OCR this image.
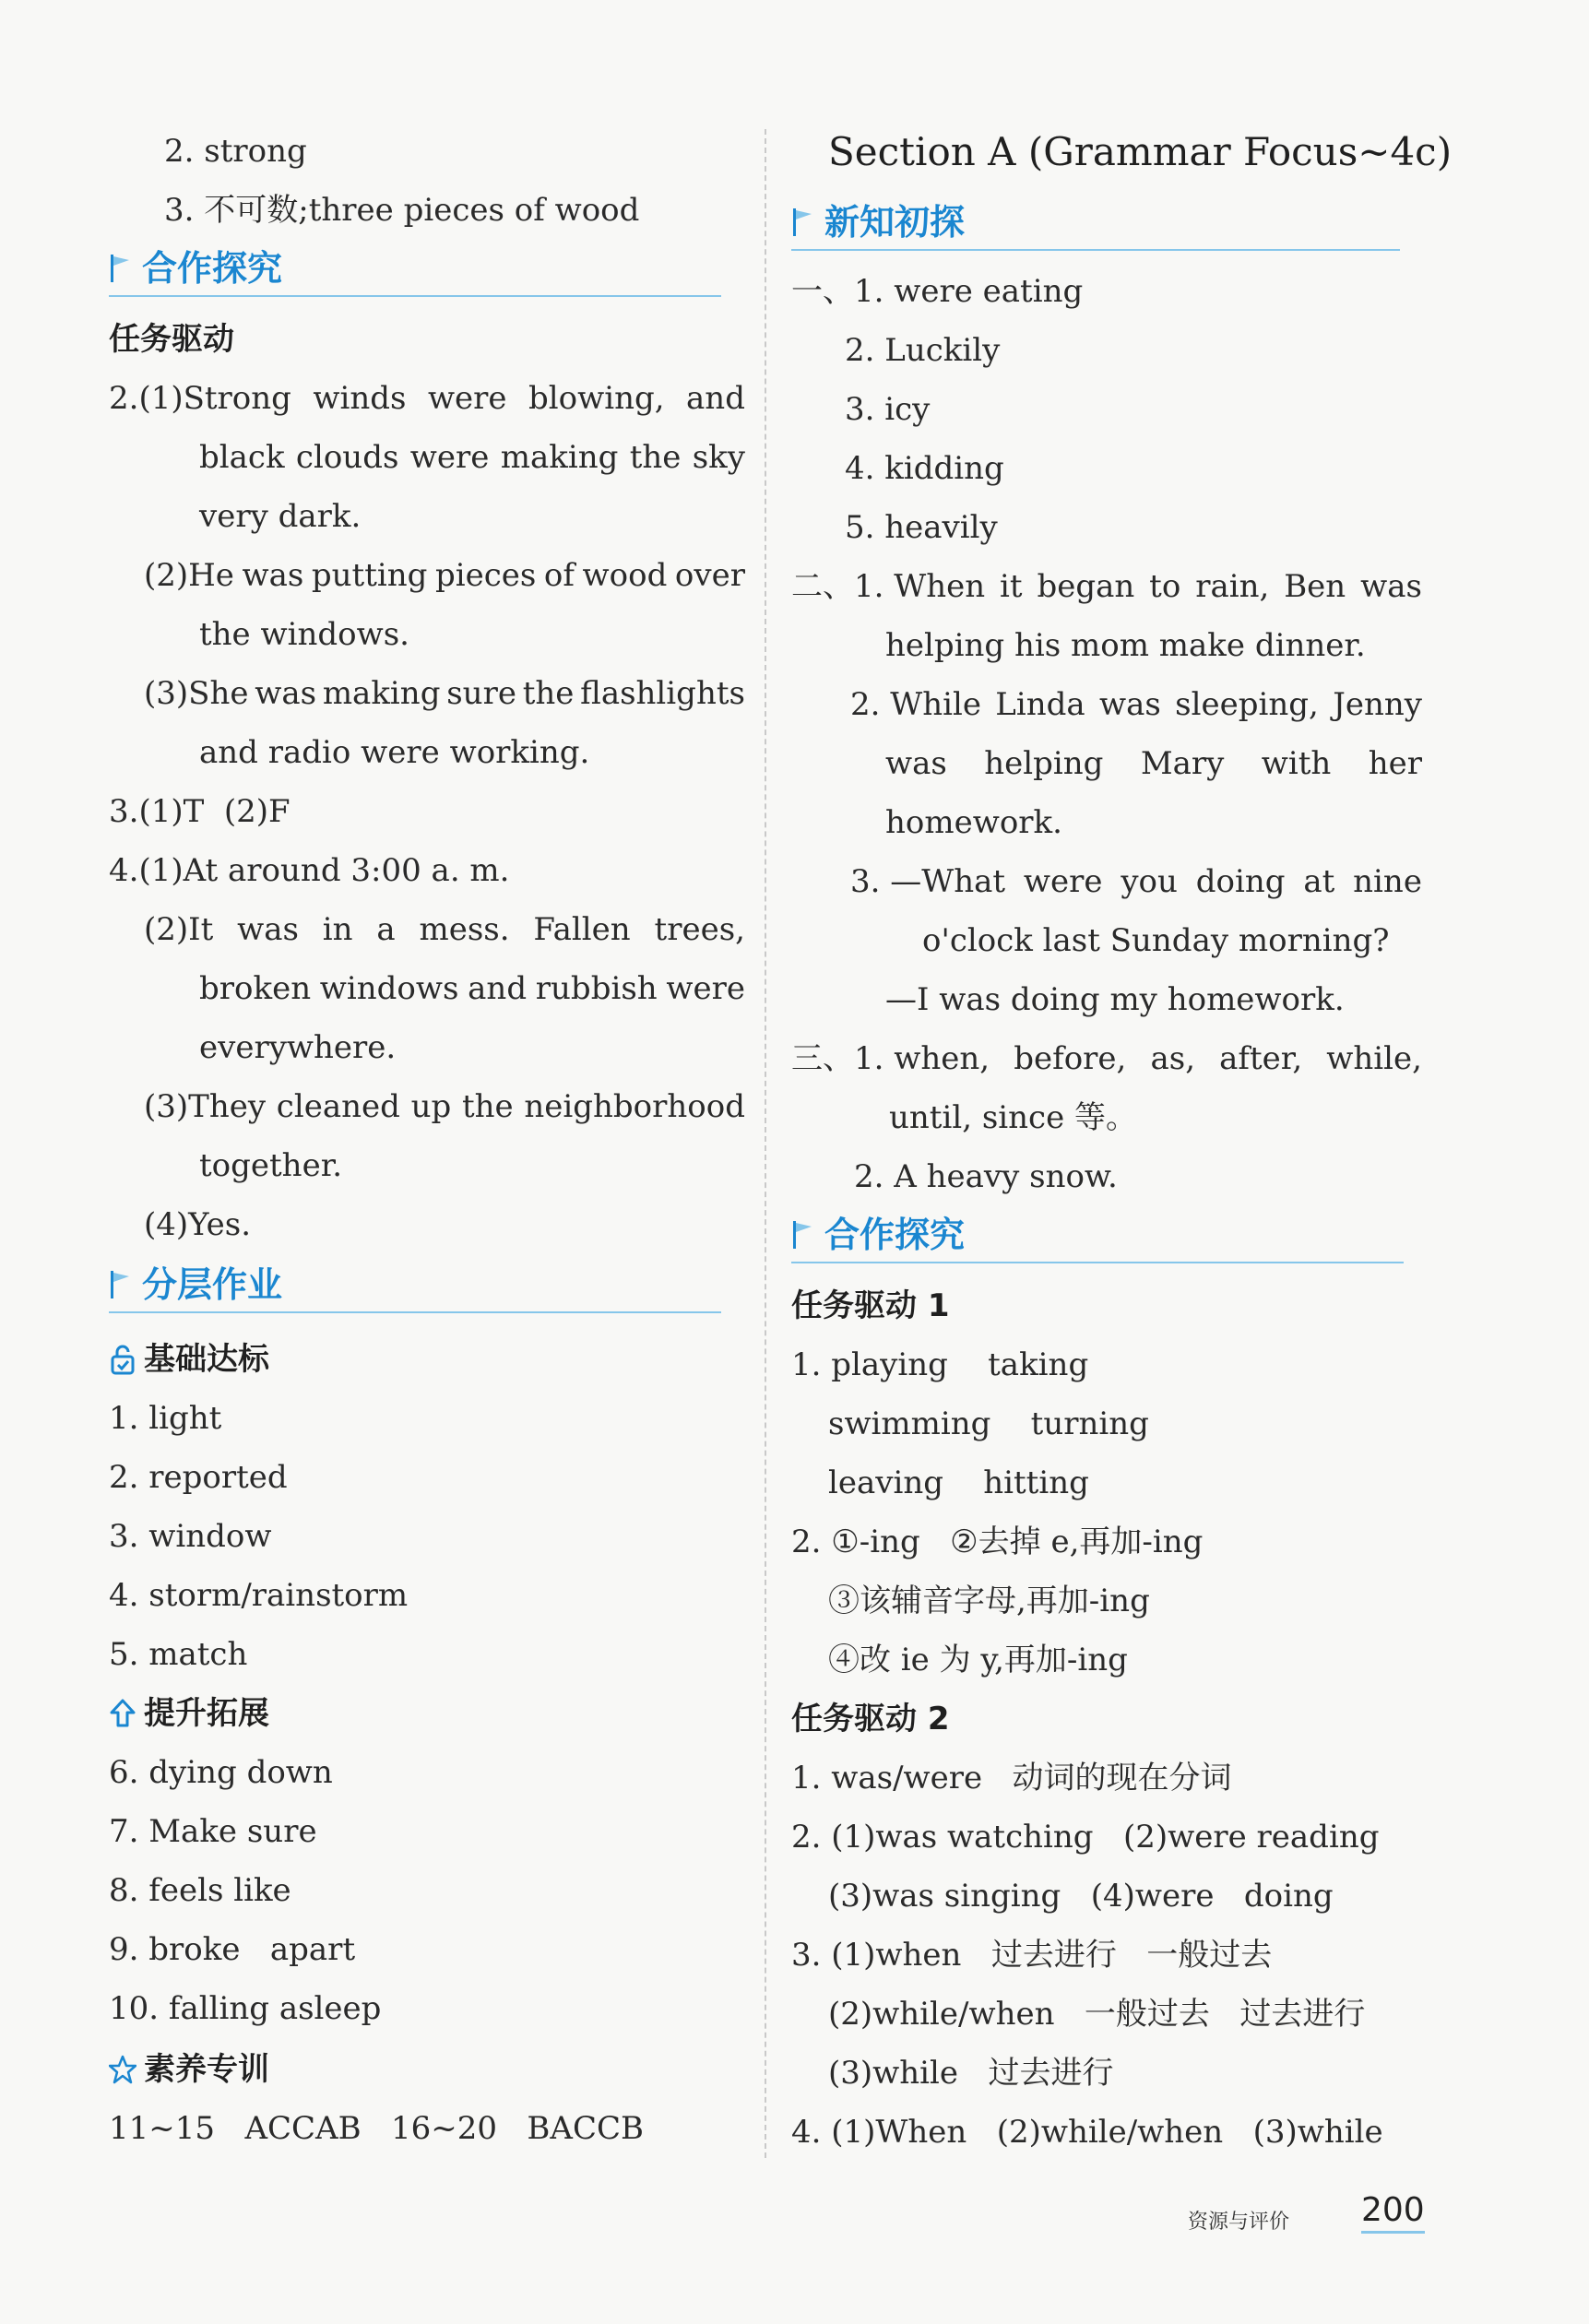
2. strong
3. 不可数;three pieces of wood
合作探究
任务驱动
2.(1)Strong winds were blowing, and
black clouds were making the sky
very dark.
(2)He was putting pieces of wood over
the windows.
(3)She was making sure the flashlights
and radio were working.
3.(1)T  (2)F
4.(1)At around 3:00 a. m.
(2)It was in a mess. Fallen trees,
broken windows and rubbish were
everywhere.
(3)They cleaned up the neighborhood
together.
(4)Yes.
分层作业
基础达标
1. light
2. reported
3. window
4. storm/rainstorm
5. match
提升拓展
6. dying down
7. Make sure
8. feels like
9. broke   apart
10. falling asleep
素养专训
11~15   ACCAB   16~20   BACCB
Section A (Grammar Focus~4c)
新知初探
一、1. were eating
2. Luckily
3. icy
4. kidding
5. heavily
二、1. When it began to rain, Ben was
helping his mom make dinner.
2. While Linda was sleeping, Jenny
was helping Mary with her
homework.
3. —What were you doing at nine
o'clock last Sunday morning?
—I was doing my homework.
三、1. when, before, as, after, while,
until, since 等。
2. A heavy snow.
合作探究
任务驱动 1
1. playing    taking
swimming    turning
leaving    hitting
2. ①-ing   ②去掉 e,再加-ing
③该辅音字母,再加-ing
④改 ie 为 y,再加-ing
任务驱动 2
1. was/were   动词的现在分词
2. (1)was watching   (2)were reading
(3)was singing   (4)were   doing
3. (1)when   过去进行   一般过去
(2)while/when   一般过去   过去进行
(3)while   过去进行
4. (1)When   (2)while/when   (3)while
资源与评价 200
